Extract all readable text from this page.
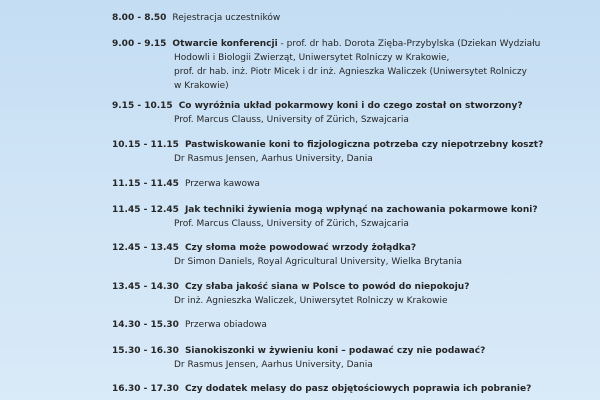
8.00 - 8.50 Rejestracja uczestników
9.00 - 9.15 Otwarcie konferencji - prof. dr hab. Dorota Zięba-Przybylska (Dziekan Wydziału
Hodowli i Biologii Zwierząt, Uniwersytet Rolniczy w Krakowie,
prof. dr hab. inż. Piotr Micek i dr inż. Agnieszka Waliczek (Uniwersytet Rolniczy
w Krakowie)
9.15 - 10.15 Co wyróżnia układ pokarmowy koni i do czego został on stworzony?
Prof. Marcus Clauss, University of Zürich, Szwajcaria
10.15 - 11.15 Pastwiskowanie koni to fizjologiczna potrzeba czy niepotrzebny koszt?
Dr Rasmus Jensen, Aarhus University, Dania
11.15 - 11.45 Przerwa kawowa
11.45 - 12.45 Jak techniki żywienia mogą wpłynąć na zachowania pokarmowe koni?
Prof. Marcus Clauss, University of Zürich, Szwajcaria
12.45 - 13.45 Czy słoma może powodować wrzody żołądka?
Dr Simon Daniels, Royal Agricultural University, Wielka Brytania
13.45 - 14.30 Czy słaba jakość siana w Polsce to powód do niepokoju?
Dr inż. Agnieszka Waliczek, Uniwersytet Rolniczy w Krakowie
14.30 - 15.30 Przerwa obiadowa
15.30 - 16.30 Sianokiszonki w żywieniu koni – podawać czy nie podawać?
Dr Rasmus Jensen, Aarhus University, Dania
16.30 - 17.30 Czy dodatek melasy do pasz objętościowych poprawia ich pobranie?
